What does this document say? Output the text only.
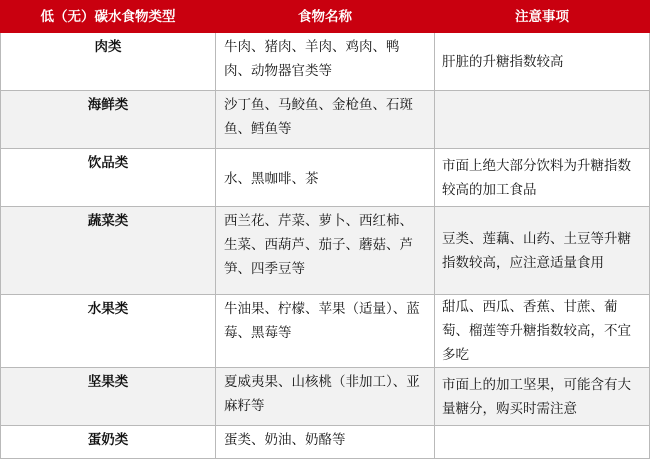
低（无）碳水食物类型	食物名称	注意事项
肉类	牛肉、猪肉、羊肉、鸡肉、鸭肉、动物器官类等	肝脏的升糖指数较高
海鲜类	沙丁鱼、马鲛鱼、金枪鱼、石斑鱼、鳕鱼等	
饮品类	水、黑咖啡、茶	市面上绝大部分饮料为升糖指数较高的加工食品
蔬菜类	西兰花、芹菜、萝卜、西红柿、生菜、西葫芦、茄子、蘑菇、芦笋、四季豆等	豆类、莲藕、山药、土豆等升糖指数较高，应注意适量食用
水果类	牛油果、柠檬、苹果（适量）、蓝莓、黑莓等	甜瓜、西瓜、香蕉、甘蔗、葡萄、榴莲等升糖指数较高，不宜多吃
坚果类	夏威夷果、山核桃（非加工）、亚麻籽等	市面上的加工坚果，可能含有大量糖分，购买时需注意
蛋奶类	蛋类、奶油、奶酪等	
